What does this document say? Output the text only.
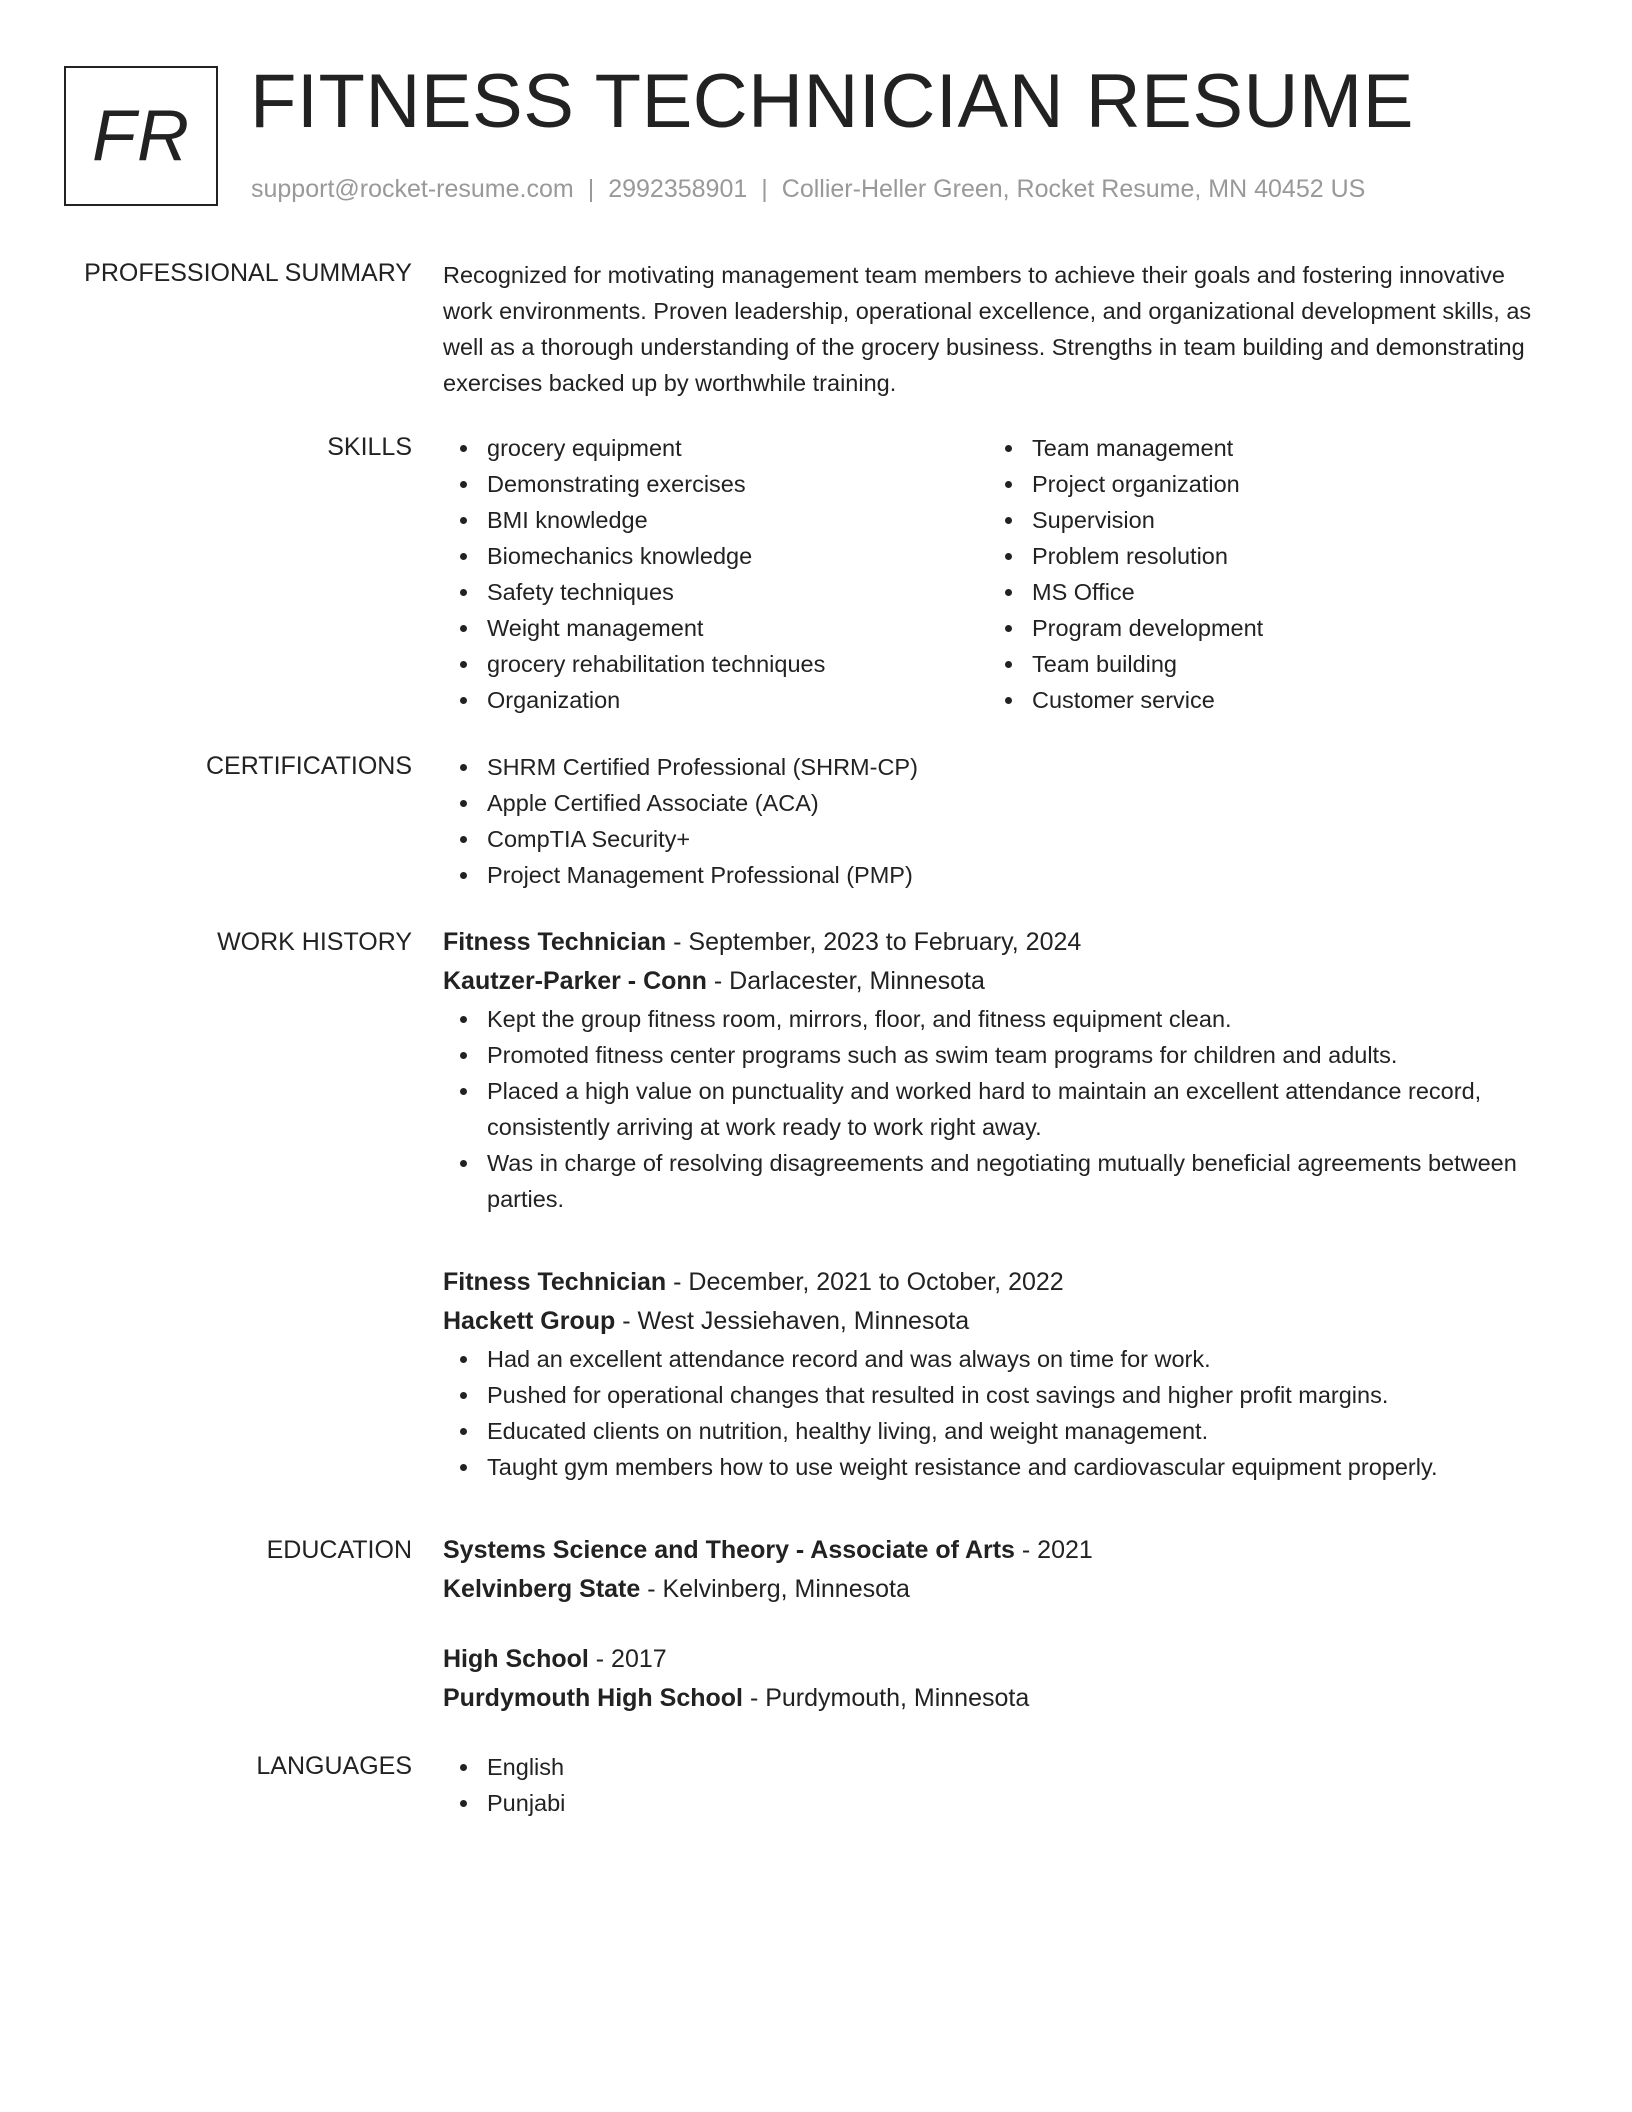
FR FITNESS TECHNICIAN RESUME
support@rocket-resume.com | 2992358901 | Collier-Heller Green, Rocket Resume, MN 40452 US
PROFESSIONAL SUMMARY Recognized for motivating management team members to achieve their goals and fostering innovative work environments. Proven leadership, operational excellence, and organizational development skills, as well as a thorough understanding of the grocery business. Strengths in team building and demonstrating exercises backed up by worthwhile training.
SKILLS	grocery equipment
Demonstrating exercises
BMI knowledge
Biomechanics knowledge
Safety techniques
Weight management
grocery rehabilitation techniques
Organization
Team management
Project organization
Supervision
Problem resolution
MS Office
Program development
Team building
Customer service
CERTIFICATIONS	SHRM Certified Professional (SHRM-CP)
Apple Certified Associate (ACA)
CompTIA Security+
Project Management Professional (PMP)
WORK HISTORY Fitness Technician - September, 2023 to February, 2024
Kautzer-Parker - Conn - Darlacester, Minnesota
Kept the group fitness room, mirrors, floor, and fitness equipment clean.
Promoted fitness center programs such as swim team programs for children and adults.
Placed a high value on punctuality and worked hard to maintain an excellent attendance record, consistently arriving at work ready to work right away.
Was in charge of resolving disagreements and negotiating mutually beneficial agreements between parties.
Fitness Technician - December, 2021 to October, 2022
Hackett Group - West Jessiehaven, Minnesota
Had an excellent attendance record and was always on time for work.
Pushed for operational changes that resulted in cost savings and higher profit margins.
Educated clients on nutrition, healthy living, and weight management.
Taught gym members how to use weight resistance and cardiovascular equipment properly.
EDUCATION Systems Science and Theory - Associate of Arts - 2021
Kelvinberg State - Kelvinberg, Minnesota
High School - 2017
Purdymouth High School - Purdymouth, Minnesota
LANGUAGES	English
Punjabi
